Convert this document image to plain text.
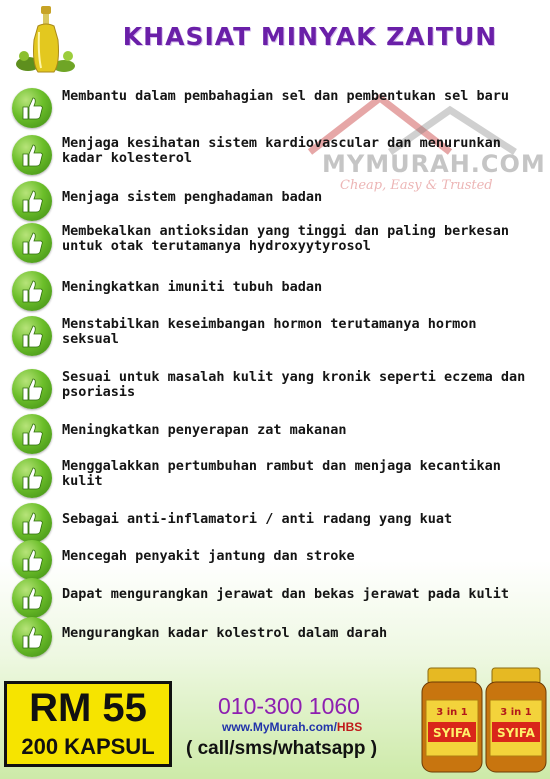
KHASIAT MINYAK ZAITUN
MYMURAH.COM
Cheap, Easy & Trusted
Membantu dalam pembahagian sel dan pembentukan sel baru
Menjaga kesihatan sistem kardiovascular dan menurunkan kadar kolesterol
Menjaga sistem penghadaman badan
Membekalkan antioksidan yang tinggi dan paling berkesan untuk otak terutamanya hydroxyytyrosol
Meningkatkan imuniti tubuh badan
Menstabilkan keseimbangan hormon terutamanya hormon seksual
Sesuai untuk masalah kulit yang kronik seperti eczema dan psoriasis
Meningkatkan penyerapan zat makanan
Menggalakkan pertumbuhan rambut dan menjaga kecantikan kulit
Sebagai anti-inflamatori / anti radang yang kuat
Mencegah penyakit jantung dan stroke
Dapat mengurangkan jerawat dan bekas jerawat pada kulit
Mengurangkan kadar kolestrol dalam darah
RM 55
200 KAPSUL
010-300 1060
www.MyMurah.com/HBS
( call/sms/whatsapp )
3 in 1
SYIFA
3 in 1
SYIFA
